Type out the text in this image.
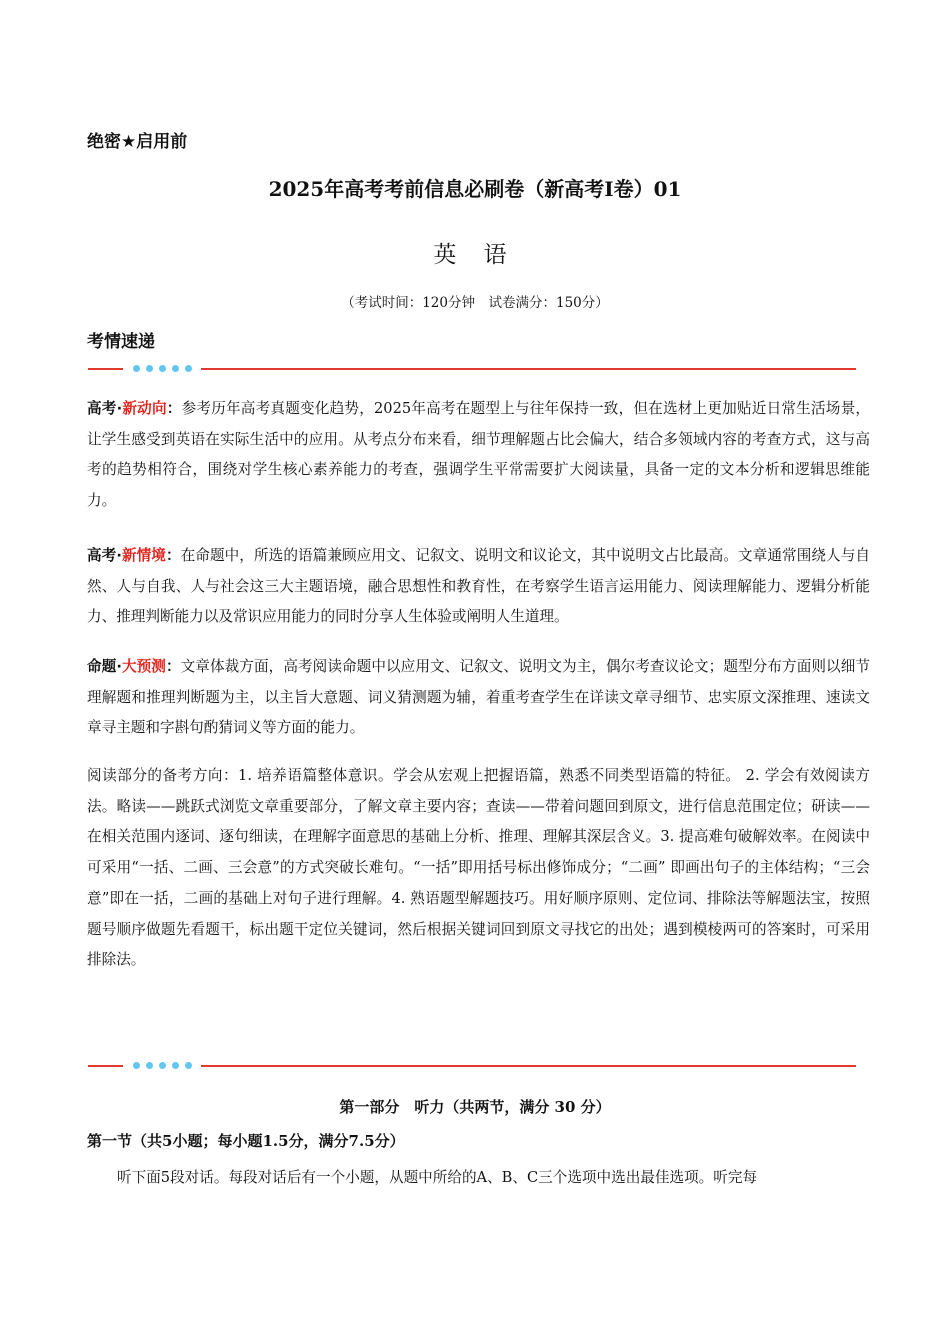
绝密★启用前
2025年高考考前信息必刷卷（新高考I卷）01
英 语
（考试时间：120分钟　试卷满分：150分）
考情速递
高考·新动向：参考历年高考真题变化趋势，2025年高考在题型上与往年保持一致，但在选材上更加贴近日常生活场景，让学生感受到英语在实际生活中的应用。从考点分布来看，细节理解题占比会偏大，结合多领域内容的考查方式，这与高考的趋势相符合，围绕对学生核心素养能力的考查，强调学生平常需要扩大阅读量，具备一定的文本分析和逻辑思维能力。
高考·新情境：在命题中，所选的语篇兼顾应用文、记叙文、说明文和议论文，其中说明文占比最高。文章通常围绕人与自然、人与自我、人与社会这三大主题语境，融合思想性和教育性，在考察学生语言运用能力、阅读理解能力、逻辑分析能力、推理判断能力以及常识应用能力的同时分享人生体验或阐明人生道理。
命题·大预测：文章体裁方面，高考阅读命题中以应用文、记叙文、说明文为主，偶尔考查议论文；题型分布方面则以细节理解题和推理判断题为主，以主旨大意题、词义猜测题为辅，着重考查学生在详读文章寻细节、忠实原文深推理、速读文章寻主题和字斟句酌猜词义等方面的能力。
阅读部分的备考方向：1. 培养语篇整体意识。学会从宏观上把握语篇，熟悉不同类型语篇的特征。 2. 学会有效阅读方法。略读——跳跃式浏览文章重要部分，了解文章主要内容；查读——带着问题回到原文，进行信息范围定位；研读——在相关范围内逐词、逐句细读，在理解字面意思的基础上分析、推理、理解其深层含义。3. 提高难句破解效率。在阅读中可采用“一括、二画、三会意”的方式突破长难句。“一括”即用括号标出修饰成分；“二画” 即画出句子的主体结构；“三会意”即在一括，二画的基础上对句子进行理解。4. 熟语题型解题技巧。用好顺序原则、定位词、排除法等解题法宝，按照题号顺序做题先看题干，标出题干定位关键词，然后根据关键词回到原文寻找它的出处；遇到模棱两可的答案时，可采用排除法。
第一部分　听力（共两节，满分 30 分）
第一节（共5小题；每小题1.5分，满分7.5分）
听下面5段对话。每段对话后有一个小题，从题中所给的A、B、C三个选项中选出最佳选项。听完每
